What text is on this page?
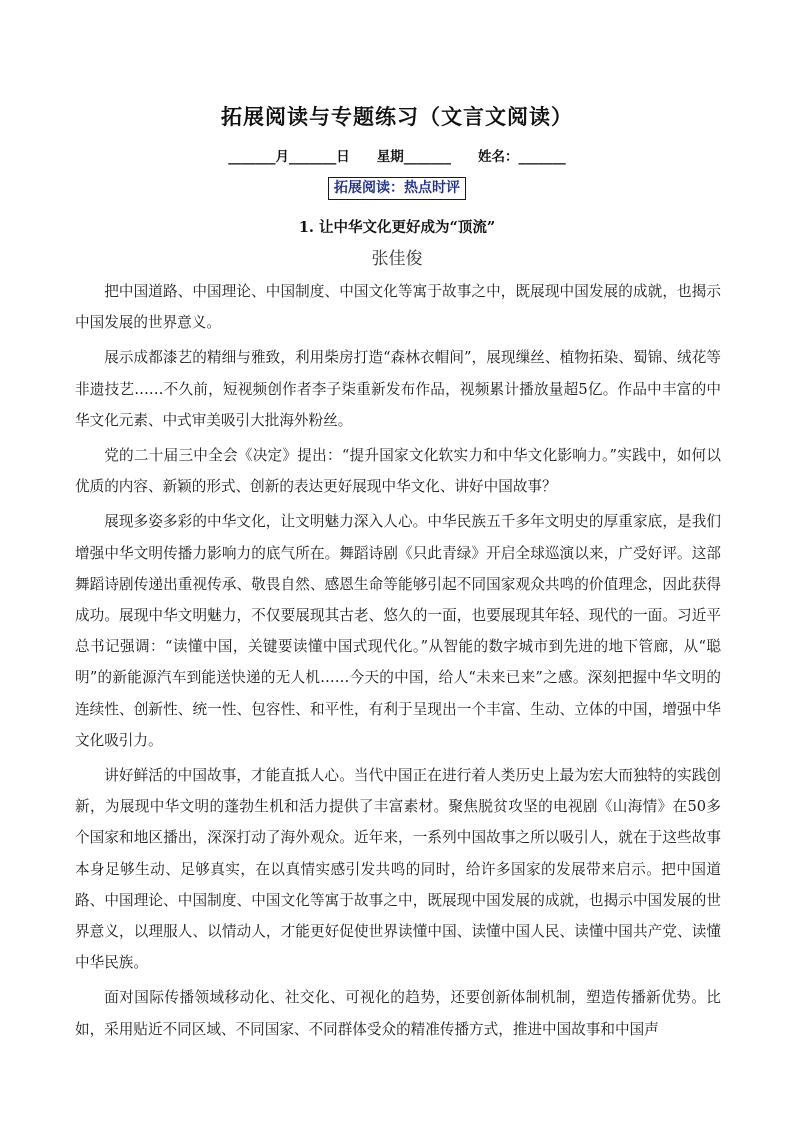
拓展阅读与专题练习（文言文阅读）
_______月_______日　　星期_______　　姓名：_______
拓展阅读：热点时评
1. 让中华文化更好成为“顶流”
张佳俊

把中国道路、中国理论、中国制度、中国文化等寓于故事之中，既展现中国发展的成就，也揭示中国发展的世界意义。

展示成都漆艺的精细与雅致，利用柴房打造“森林衣帽间”，展现缫丝、植物拓染、蜀锦、绒花等非遗技艺……不久前，短视频创作者李子柒重新发布作品，视频累计播放量超5亿。作品中丰富的中华文化元素、中式审美吸引大批海外粉丝。

党的二十届三中全会《决定》提出：“提升国家文化软实力和中华文化影响力。”实践中，如何以优质的内容、新颖的形式、创新的表达更好展现中华文化、讲好中国故事？

展现多姿多彩的中华文化，让文明魅力深入人心。中华民族五千多年文明史的厚重家底，是我们增强中华文明传播力影响力的底气所在。舞蹈诗剧《只此青绿》开启全球巡演以来，广受好评。这部舞蹈诗剧传递出重视传承、敬畏自然、感恩生命等能够引起不同国家观众共鸣的价值理念，因此获得成功。展现中华文明魅力，不仅要展现其古老、悠久的一面，也要展现其年轻、现代的一面。习近平总书记强调：“读懂中国，关键要读懂中国式现代化。”从智能的数字城市到先进的地下管廊，从“聪明”的新能源汽车到能送快递的无人机……今天的中国，给人“未来已来”之感。深刻把握中华文明的连续性、创新性、统一性、包容性、和平性，有利于呈现出一个丰富、生动、立体的中国，增强中华文化吸引力。

讲好鲜活的中国故事，才能直抵人心。当代中国正在进行着人类历史上最为宏大而独特的实践创新，为展现中华文明的蓬勃生机和活力提供了丰富素材。聚焦脱贫攻坚的电视剧《山海情》在50多个国家和地区播出，深深打动了海外观众。近年来，一系列中国故事之所以吸引人，就在于这些故事本身足够生动、足够真实，在以真情实感引发共鸣的同时，给许多国家的发展带来启示。把中国道路、中国理论、中国制度、中国文化等寓于故事之中，既展现中国发展的成就，也揭示中国发展的世界意义，以理服人、以情动人，才能更好促使世界读懂中国、读懂中国人民、读懂中国共产党、读懂中华民族。

面对国际传播领域移动化、社交化、可视化的趋势，还要创新体制机制，塑造传播新优势。比如，采用贴近不同区域、不同国家、不同群体受众的精准传播方式，推进中国故事和中国声
